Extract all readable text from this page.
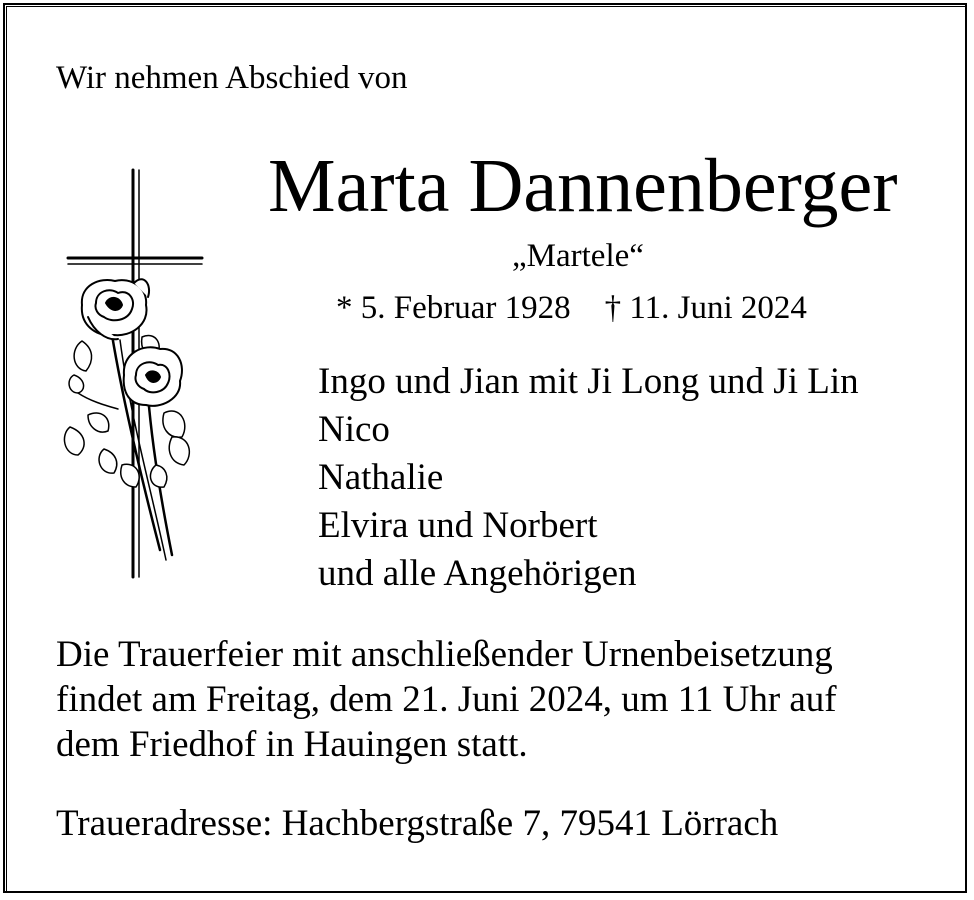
Wir nehmen Abschied von
Marta Dannenberger
„Martele“
* 5. Februar 1928 † 11. Juni 2024
Ingo und Jian mit Ji Long und Ji Lin
Nico
Nathalie
Elvira und Norbert
und alle Angehörigen
Die Trauerfeier mit anschließender Urnenbeisetzung
findet am Freitag, dem 21. Juni 2024, um 11 Uhr auf
dem Friedhof in Hauingen statt.
Traueradresse: Hachbergstraße 7, 79541 Lörrach
